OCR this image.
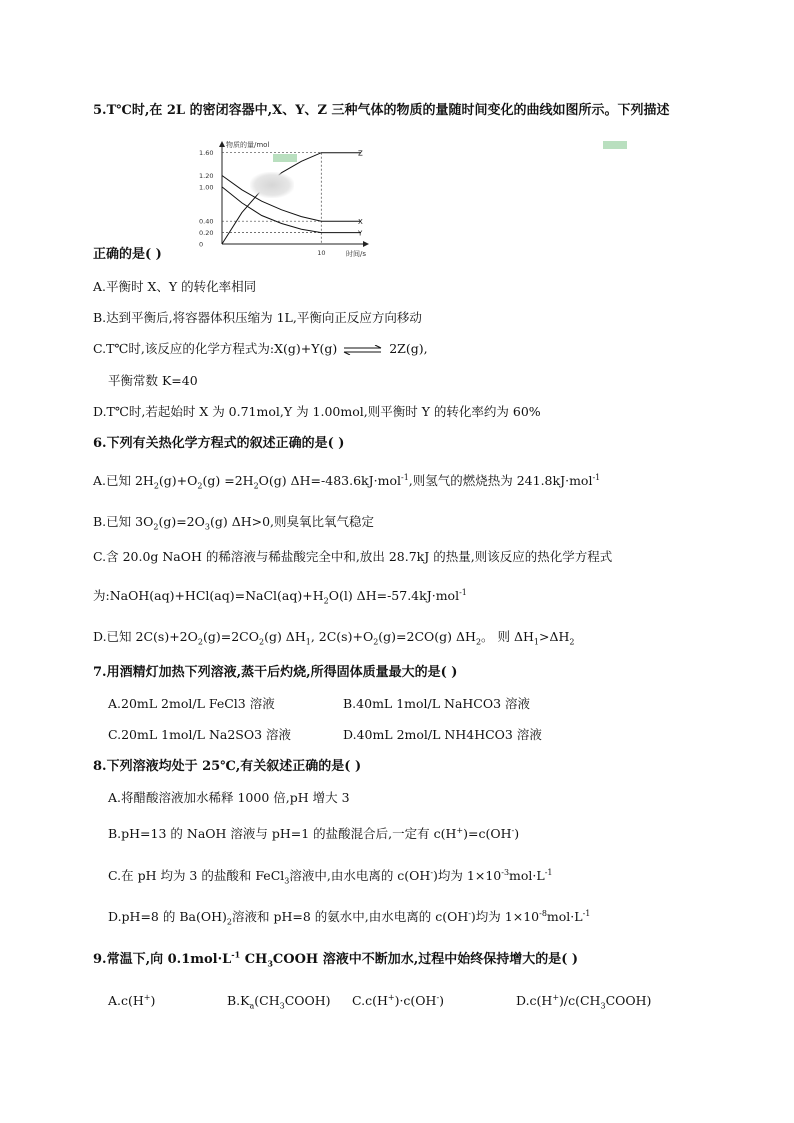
5.T℃时,在 2L 的密闭容器中,X、Y、Z 三种气体的物质的量随时间变化的曲线如图所示。下列描述
物质的量/mol
时间/s
1.60
1.20
1.00
0.40
0.20
0
10
Z
X
Y
正确的是( )
A.平衡时 X、Y 的转化率相同
B.达到平衡后,将容器体积压缩为 1L,平衡向正反应方向移动
C.T℃时,该反应的化学方程式为:X(g)+Y(g) ⇌ 2Z(g),
平衡常数 K=40
D.T℃时,若起始时 X 为 0.71mol,Y 为 1.00mol,则平衡时 Y 的转化率约为 60%
6.下列有关热化学方程式的叙述正确的是( )
A.已知 $2H_2(g)+O_2(g) =2H_2O(g)$ ΔH=-483.6kJ·mol$^{-1}$,则氢气的燃烧热为 241.8kJ·mol$^{-1}$
B.已知 $3O_2(g)=2O_3(g)$ ΔH>0,则臭氧比氧气稳定
C.含 20.0g NaOH 的稀溶液与稀盐酸完全中和,放出 28.7kJ 的热量,则该反应的热化学方程式
为$:NaOH(aq)+HCl(aq)=NaCl(aq)+H_2O(l)$ ΔH=-57.4kJ·mol$^{-1}$
D.已知 $2C(s)+2O_2(g)=2CO_2(g)$ $\Delta H_1$, $2C(s)+O_2(g)=2CO(g)$ $\Delta H_2$。 则 $\Delta H_1>\Delta H_2$
7.用酒精灯加热下列溶液,蒸干后灼烧,所得固体质量最大的是( )
A.20mL 2mol/L FeCl3 溶液	B.40mL 1mol/L NaHCO3 溶液
C.20mL 1mol/L Na2SO3 溶液	D.40mL 2mol/L NH4HCO3 溶液
8.下列溶液均处于 25℃,有关叙述正确的是( )
A.将醋酸溶液加水稀释 1000 倍,pH 增大 3
B.pH=13 的 NaOH 溶液与 pH=1 的盐酸混合后,一定有 c(H+)=c(OH-)
C.在 pH 均为 3 的盐酸和 FeCl$_3$溶液中,由水电离的 c(OH-)均为 $1\times 10^{-3}mol\cdot L^{-1}$
D.pH=8 的 $Ba(OH)_2$溶液和 pH=8 的氨水中,由水电离的 c(OH-)均为 $1\times 10^{-8}mol\cdot L^{-1}$
9.常温下,向 $0.1mol\cdot L^{-1}$ $CH_3COOH$ 溶液中不断加水,过程中始终保持增大的是( )
A.c(H+)	$B.K_a(CH_3COOH)$ C.c(H+)·c(OH-)	$D.c(H^+)/c(CH_3COOH)$
